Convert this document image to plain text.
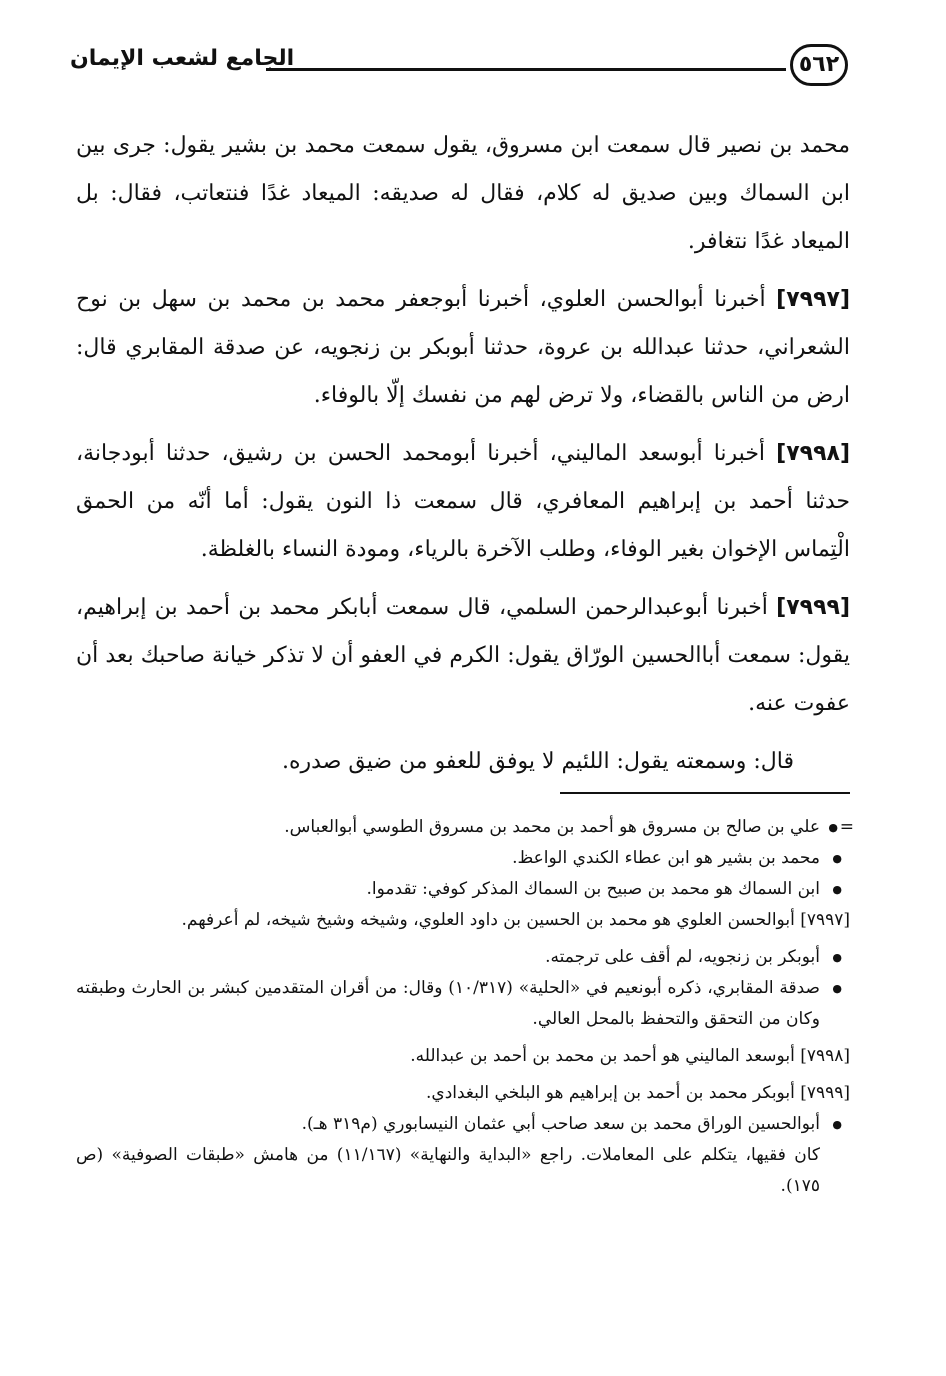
٥٦٢
الجامع لشعب الإيمان

محمد بن نصير قال سمعت ابن مسروق، يقول سمعت محمد بن بشير يقول: جرى بين ابن السماك وبين صديق له كلام، فقال له صديقه: الميعاد غدًا فنتعاتب، فقال: بل الميعاد غدًا نتغافر.

[٧٩٩٧] أخبرنا أبوالحسن العلوي، أخبرنا أبوجعفر محمد بن محمد بن سهل بن نوح الشعراني، حدثنا عبدالله بن عروة، حدثنا أبوبكر بن زنجويه، عن صدقة المقابري قال: ارض من الناس بالقضاء، ولا ترض لهم من نفسك إلّا بالوفاء.

[٧٩٩٨] أخبرنا أبوسعد الماليني، أخبرنا أبومحمد الحسن بن رشيق، حدثنا أبودجانة، حدثنا أحمد بن إبراهيم المعافري، قال سمعت ذا النون يقول: أما أنّه من الحمق الْتِماس الإخوان بغير الوفاء، وطلب الآخرة بالرياء، ومودة النساء بالغلظة.

[٧٩٩٩] أخبرنا أبوعبدالرحمن السلمي، قال سمعت أبابكر محمد بن أحمد بن إبراهيم، يقول: سمعت أباالحسين الورّاق يقول: الكرم في العفو أن لا تذكر خيانة صاحبك بعد أن عفوت عنه.

قال: وسمعته يقول: اللئيم لا يوفق للعفو من ضيق صدره.

● =
علي بن صالح بن مسروق هو أحمد بن محمد بن مسروق الطوسي أبوالعباس.

● محمد بن بشير هو ابن عطاء الكندي الواعظ.

● ابن السماك هو محمد بن صبيح بن السماك المذكر كوفي: تقدموا.

[٧٩٩٧] أبوالحسن العلوي هو محمد بن الحسين بن داود العلوي، وشيخه وشيخ شيخه، لم أعرفهم.

● أبوبكر بن زنجويه، لم أقف على ترجمته.

● صدقة المقابري، ذكره أبونعيم في «الحلية» (١٠/٣١٧) وقال: من أقران المتقدمين كبشر بن الحارث وطبقته وكان من التحقق والتحفظ بالمحل العالي.

[٧٩٩٨] أبوسعد الماليني هو أحمد بن محمد بن أحمد بن عبدالله.

[٧٩٩٩] أبوبكر محمد بن أحمد بن إبراهيم هو البلخي البغدادي.

● أبوالحسين الوراق محمد بن سعد صاحب أبي عثمان النيسابوري (م٣١٩ هـ).

كان فقيها، يتكلم على المعاملات. راجع «البداية والنهاية» (١١/١٦٧) من هامش «طبقات الصوفية» (ص ١٧٥).
